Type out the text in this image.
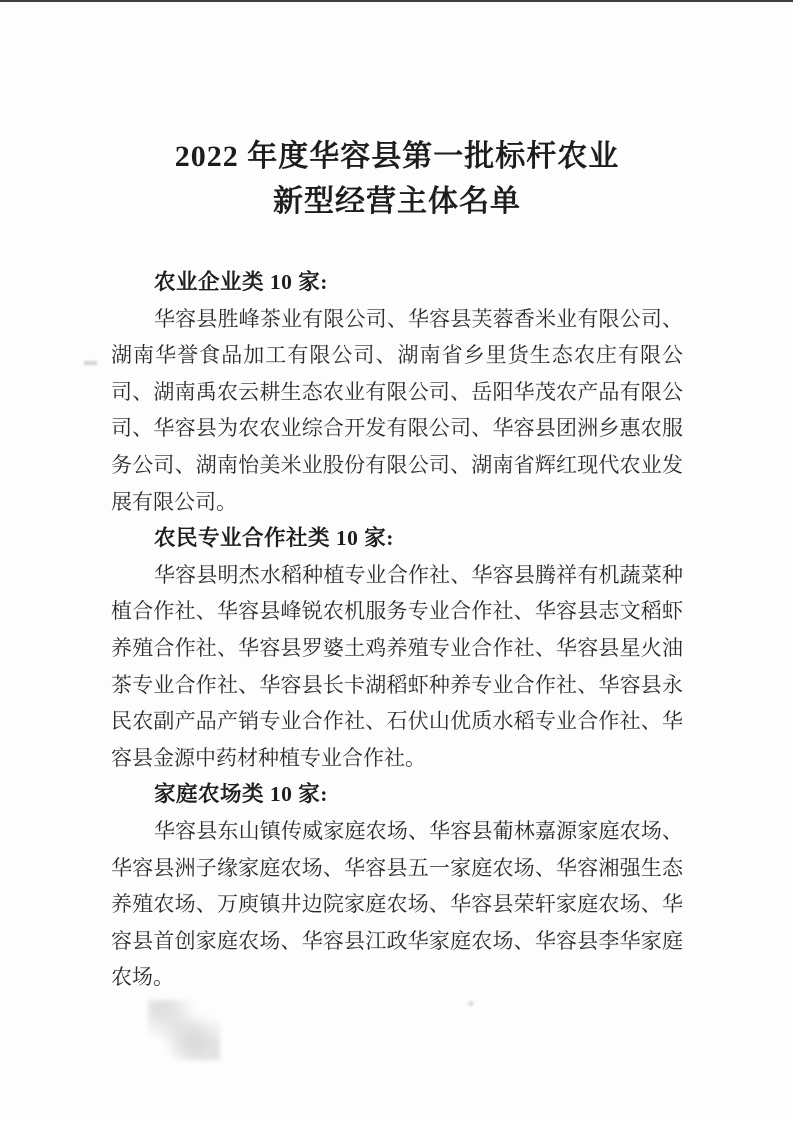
2022 年度华容县第一批标杆农业
新型经营主体名单

农业企业类 10 家:

华容县胜峰茶业有限公司、华容县芙蓉香米业有限公司、湖南华誉食品加工有限公司、湖南省乡里货生态农庄有限公司、湖南禹农云耕生态农业有限公司、岳阳华茂农产品有限公司、华容县为农农业综合开发有限公司、华容县团洲乡惠农服务公司、湖南怡美米业股份有限公司、湖南省辉红现代农业发展有限公司。

农民专业合作社类 10 家:

华容县明杰水稻种植专业合作社、华容县腾祥有机蔬菜种植合作社、华容县峰锐农机服务专业合作社、华容县志文稻虾养殖合作社、华容县罗婆土鸡养殖专业合作社、华容县星火油茶专业合作社、华容县长卡湖稻虾种养专业合作社、华容县永民农副产品产销专业合作社、石伏山优质水稻专业合作社、华容县金源中药材种植专业合作社。

家庭农场类 10 家:

华容县东山镇传威家庭农场、华容县葡林嘉源家庭农场、华容县洲子缘家庭农场、华容县五一家庭农场、华容湘强生态养殖农场、万庾镇井边院家庭农场、华容县荣轩家庭农场、华容县首创家庭农场、华容县江政华家庭农场、华容县李华家庭农场。
